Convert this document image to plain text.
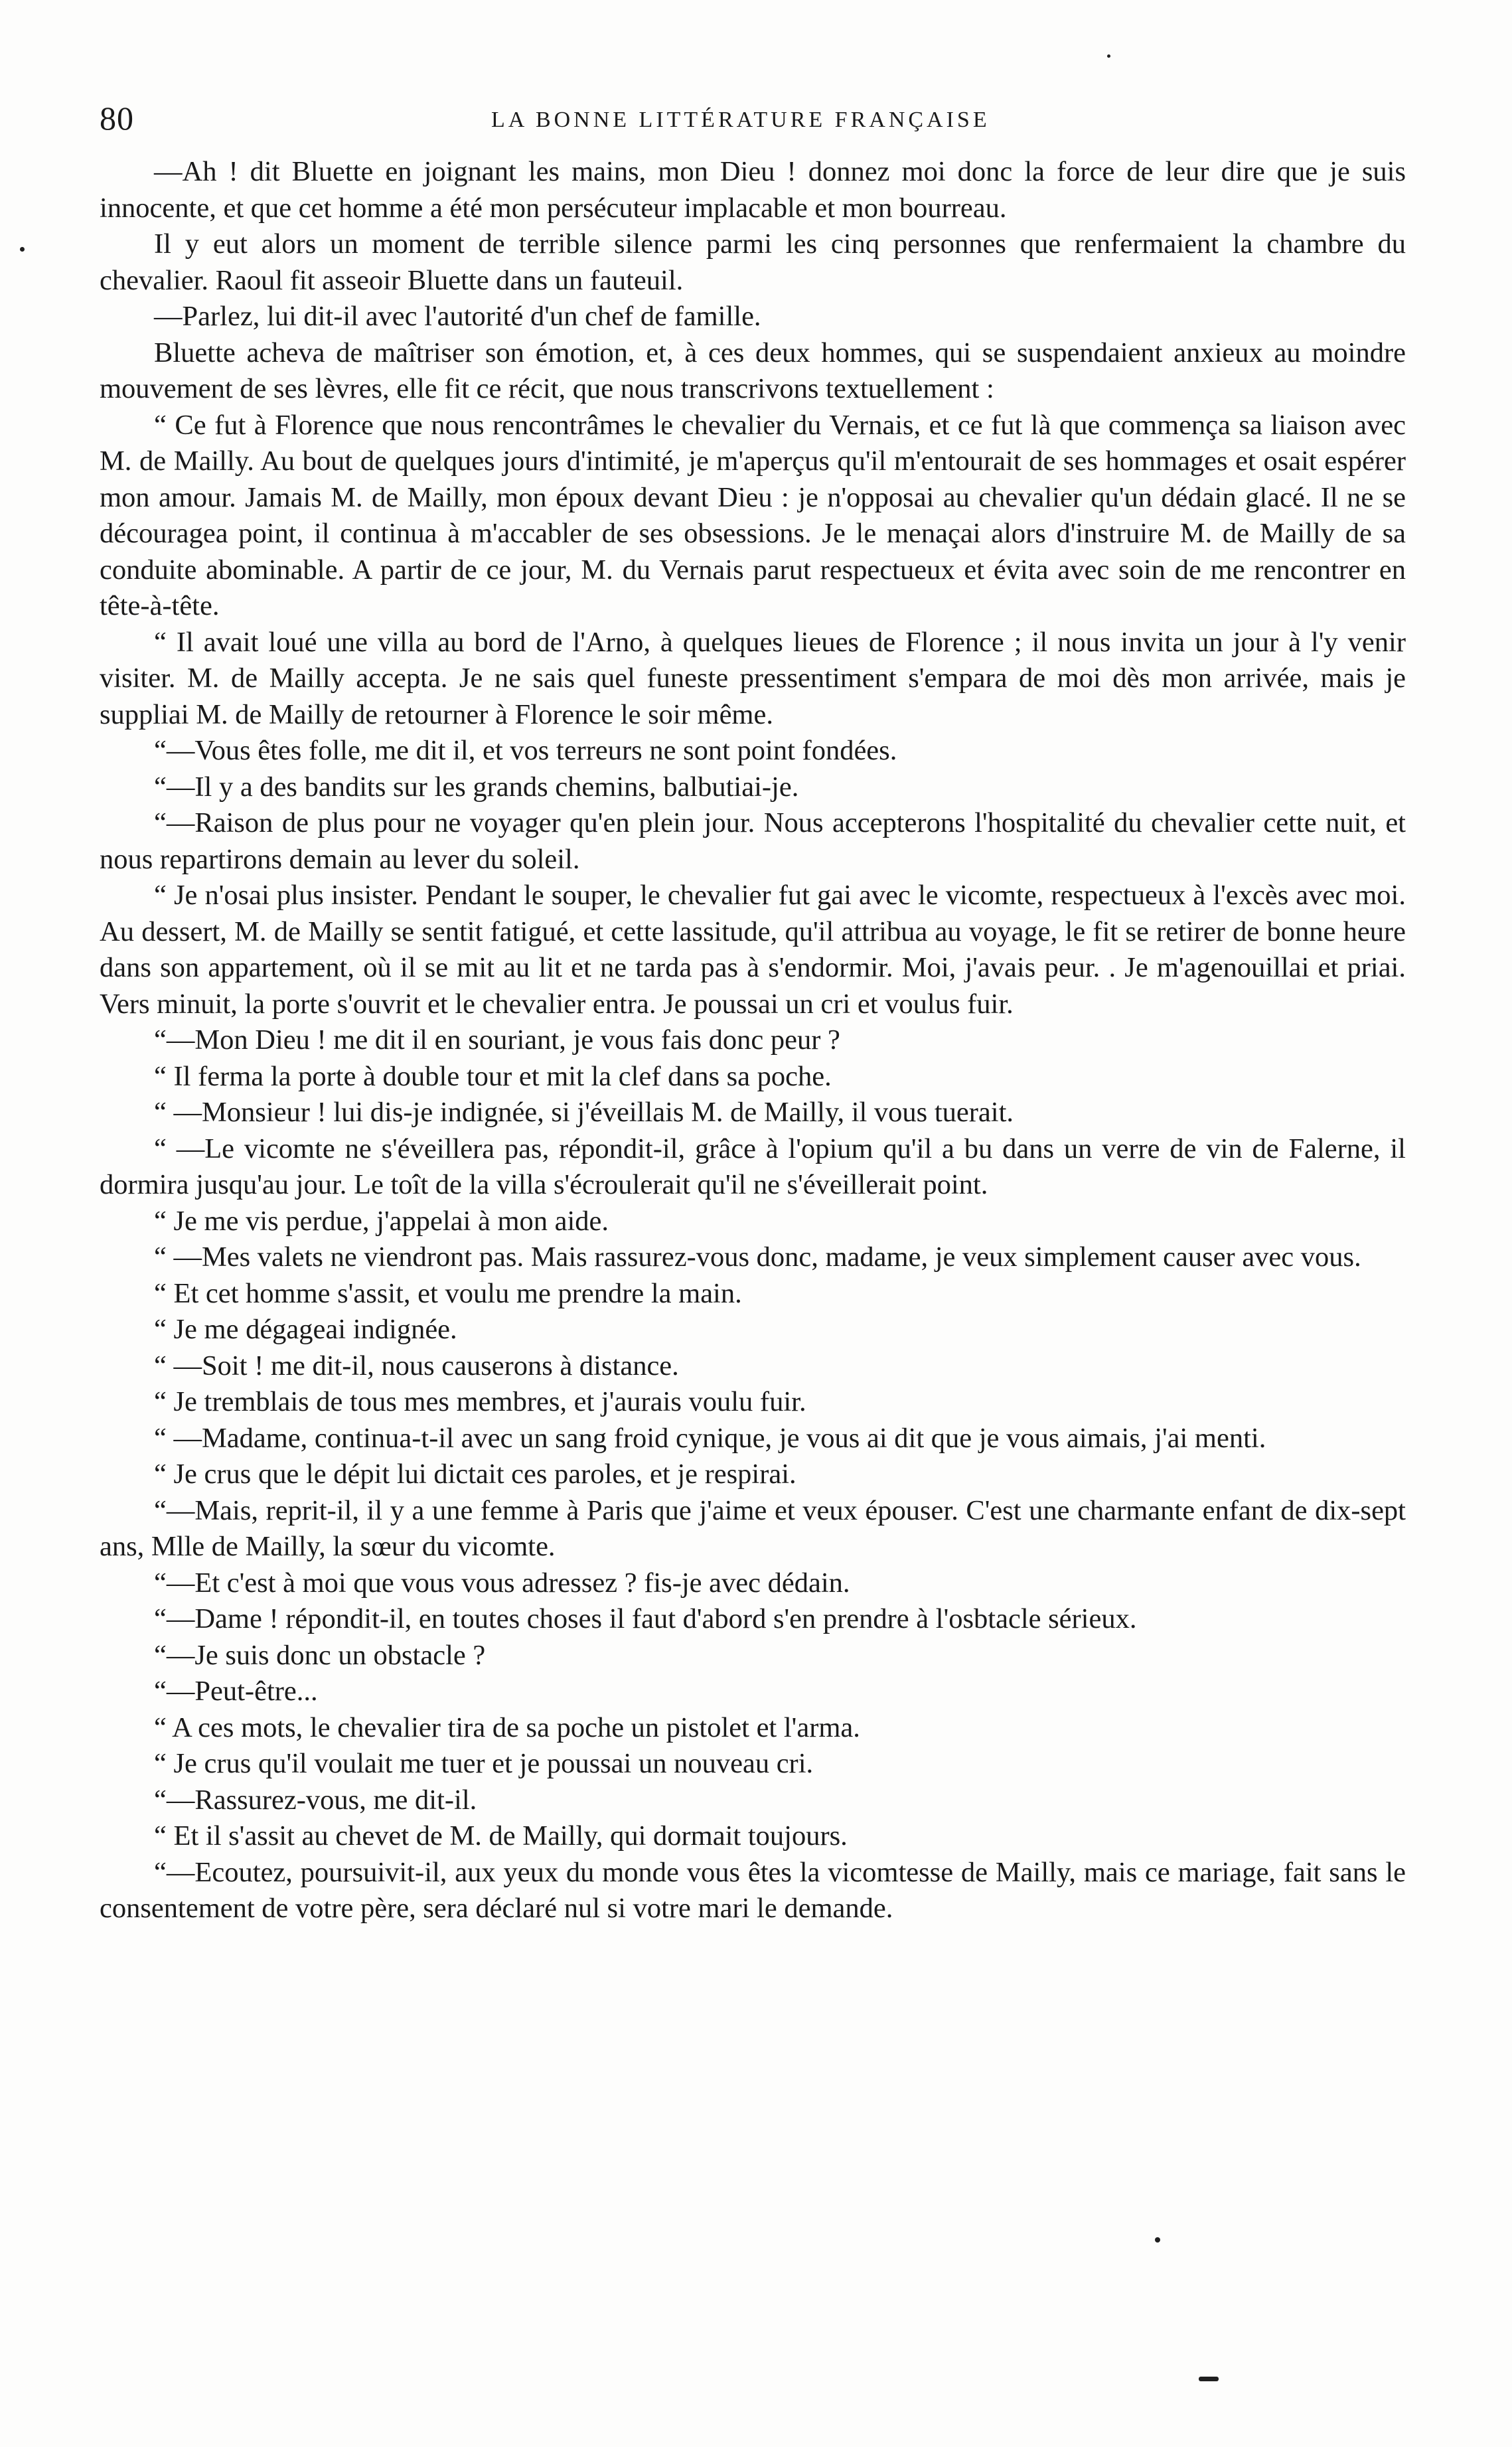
80	LA BONNE LITTÉRATURE FRANÇAISE

—Ah ! dit Bluette en joignant les mains, mon Dieu ! donnez moi donc la force de leur dire que je suis innocente, et que cet homme a été mon persécuteur implacable et mon bourreau.

Il y eut alors un moment de terrible silence parmi les cinq personnes que renfermaient la chambre du chevalier. Raoul fit asseoir Bluette dans un fauteuil.

—Parlez, lui dit-il avec l'autorité d'un chef de famille.

Bluette acheva de maîtriser son émotion, et, à ces deux hommes, qui se suspendaient anxieux au moindre mouvement de ses lèvres, elle fit ce récit, que nous transcrivons textuellement :

“ Ce fut à Florence que nous rencontrâmes le chevalier du Vernais, et ce fut là que commença sa liaison avec M. de Mailly. Au bout de quelques jours d'intimité, je m'aperçus qu'il m'entourait de ses hommages et osait espérer mon amour. Jamais M. de Mailly, mon époux devant Dieu : je n'opposai au chevalier qu'un dédain glacé. Il ne se découragea point, il continua à m'accabler de ses obsessions. Je le menaçai alors d'instruire M. de Mailly de sa conduite abominable. A partir de ce jour, M. du Vernais parut respectueux et évita avec soin de me rencontrer en tête-à-tête.

“ Il avait loué une villa au bord de l'Arno, à quelques lieues de Florence ; il nous invita un jour à l'y venir visiter. M. de Mailly accepta. Je ne sais quel funeste pressentiment s'empara de moi dès mon arrivée, mais je suppliai M. de Mailly de retourner à Florence le soir même.

“—Vous êtes folle, me dit il, et vos terreurs ne sont point fondées.

“—Il y a des bandits sur les grands chemins, balbutiai-je.

“—Raison de plus pour ne voyager qu'en plein jour. Nous accepterons l'hospitalité du chevalier cette nuit, et nous repartirons demain au lever du soleil.

“ Je n'osai plus insister. Pendant le souper, le chevalier fut gai avec le vicomte, respectueux à l'excès avec moi. Au dessert, M. de Mailly se sentit fatigué, et cette lassitude, qu'il attribua au voyage, le fit se retirer de bonne heure dans son appartement, où il se mit au lit et ne tarda pas à s'endormir. Moi, j'avais peur. . Je m'agenouillai et priai. Vers minuit, la porte s'ouvrit et le chevalier entra. Je poussai un cri et voulus fuir.

“—Mon Dieu ! me dit il en souriant, je vous fais donc peur ?

“ Il ferma la porte à double tour et mit la clef dans sa poche.

“ —Monsieur ! lui dis-je indignée, si j'éveillais M. de Mailly, il vous tuerait.

“ —Le vicomte ne s'éveillera pas, répondit-il, grâce à l'opium qu'il a bu dans un verre de vin de Falerne, il dormira jusqu'au jour. Le toît de la villa s'écroulerait qu'il ne s'éveillerait point.

“ Je me vis perdue, j'appelai à mon aide.

“ —Mes valets ne viendront pas. Mais rassurez-vous donc, madame, je veux simplement causer avec vous.

“ Et cet homme s'assit, et voulu me prendre la main.

“ Je me dégageai indignée.

“ —Soit ! me dit-il, nous causerons à distance.

“ Je tremblais de tous mes membres, et j'aurais voulu fuir.

“ —Madame, continua-t-il avec un sang froid cynique, je vous ai dit que je vous aimais, j'ai menti.

“ Je crus que le dépit lui dictait ces paroles, et je respirai.

“—Mais, reprit-il, il y a une femme à Paris que j'aime et veux épouser. C'est une charmante enfant de dix-sept ans, Mlle de Mailly, la sœur du vicomte.

“—Et c'est à moi que vous vous adressez ? fis-je avec dédain.

“—Dame ! répondit-il, en toutes choses il faut d'abord s'en prendre à l'osbtacle sérieux.

“—Je suis donc un obstacle ?

“—Peut-être...

“ A ces mots, le chevalier tira de sa poche un pistolet et l'arma.

“ Je crus qu'il voulait me tuer et je poussai un nouveau cri.

“—Rassurez-vous, me dit-il.

“ Et il s'assit au chevet de M. de Mailly, qui dormait toujours.

“—Ecoutez, poursuivit-il, aux yeux du monde vous êtes la vicomtesse de Mailly, mais ce mariage, fait sans le consentement de votre père, sera déclaré nul si votre mari le demande.
